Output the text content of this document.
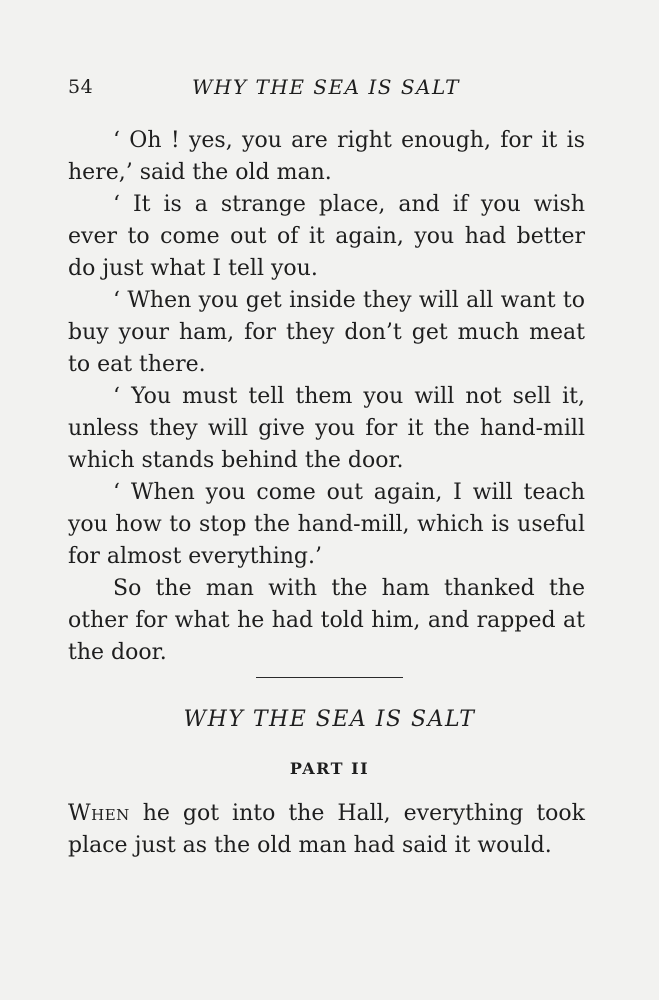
54	WHY THE SEA IS SALT

‘ Oh ! yes, you are right enough, for it is here,’ said the old man.

‘ It is a strange place, and if you wish ever to come out of it again, you had better do just what I tell you.

‘ When you get inside they will all want to buy your ham, for they don’t get much meat to eat there.

‘ You must tell them you will not sell it, unless they will give you for it the hand-mill which stands behind the door.

‘ When you come out again, I will teach you how to stop the hand-mill, which is useful for almost everything.’

So the man with the ham thanked the other for what he had told him, and rapped at the door.

WHY THE SEA IS SALT
PART II

When he got into the Hall, everything took place just as the old man had said it would.
